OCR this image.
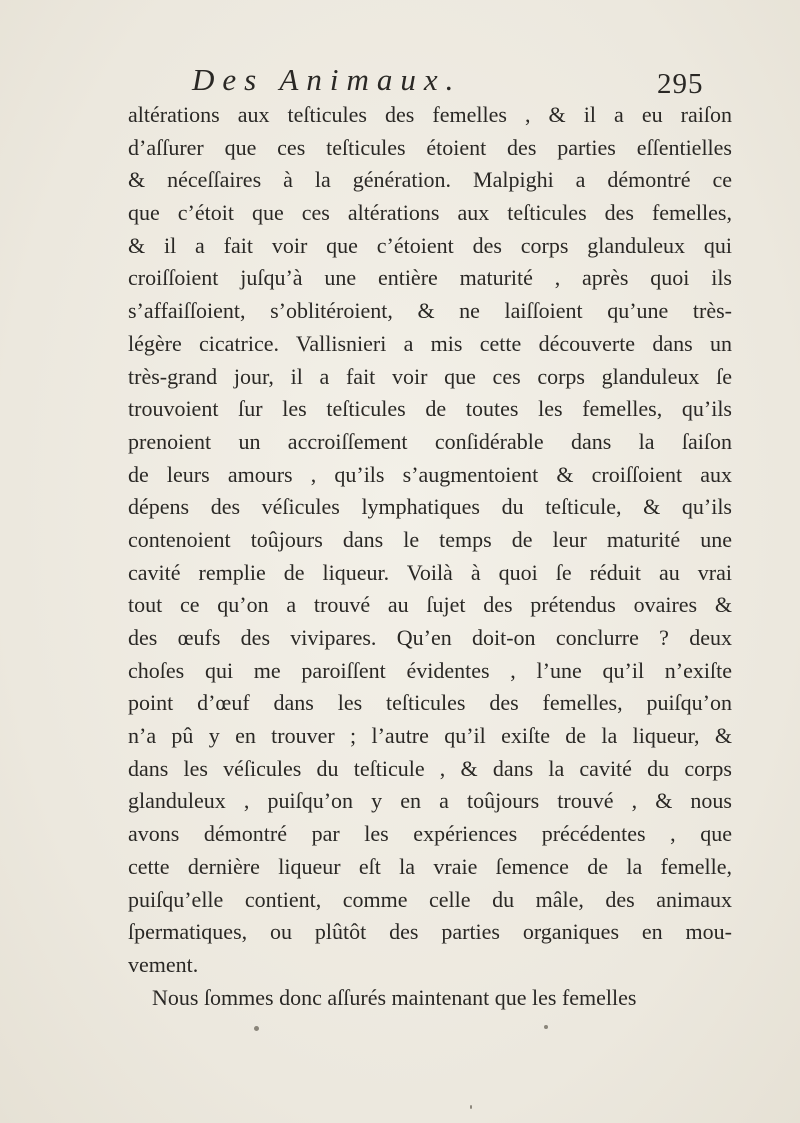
Des Animaux.	295
altérations aux teſticules des femelles , & il a eu raiſon
d’aſſurer que ces teſticules étoient des parties eſſentielles
& néceſſaires à la génération. Malpighi a démontré ce
que c’étoit que ces altérations aux teſticules des femelles,
& il a fait voir que c’étoient des corps glanduleux qui
croiſſoient juſqu’à une entière maturité , après quoi ils
s’affaiſſoient, s’oblitéroient, & ne laiſſoient qu’une très-
légère cicatrice. Vallisnieri a mis cette découverte dans un
très-grand jour, il a fait voir que ces corps glanduleux ſe
trouvoient ſur les teſticules de toutes les femelles, qu’ils
prenoient un accroiſſement conſidérable dans la ſaiſon
de leurs amours , qu’ils s’augmentoient & croiſſoient aux
dépens des véſicules lymphatiques du teſticule, & qu’ils
contenoient toûjours dans le temps de leur maturité une
cavité remplie de liqueur. Voilà à quoi ſe réduit au vrai
tout ce qu’on a trouvé au ſujet des prétendus ovaires &
des œufs des vivipares. Qu’en doit-on conclurre ? deux
choſes qui me paroiſſent évidentes , l’une qu’il n’exiſte
point d’œuf dans les teſticules des femelles, puiſqu’on
n’a pû y en trouver ; l’autre qu’il exiſte de la liqueur, &
dans les véſicules du teſticule , & dans la cavité du corps
glanduleux , puiſqu’on y en a toûjours trouvé , & nous
avons démontré par les expériences précédentes , que
cette dernière liqueur eſt la vraie ſemence de la femelle,
puiſqu’elle contient, comme celle du mâle, des animaux
ſpermatiques, ou plûtôt des parties organiques en mou-
vement.
Nous ſommes donc aſſurés maintenant que les femelles
